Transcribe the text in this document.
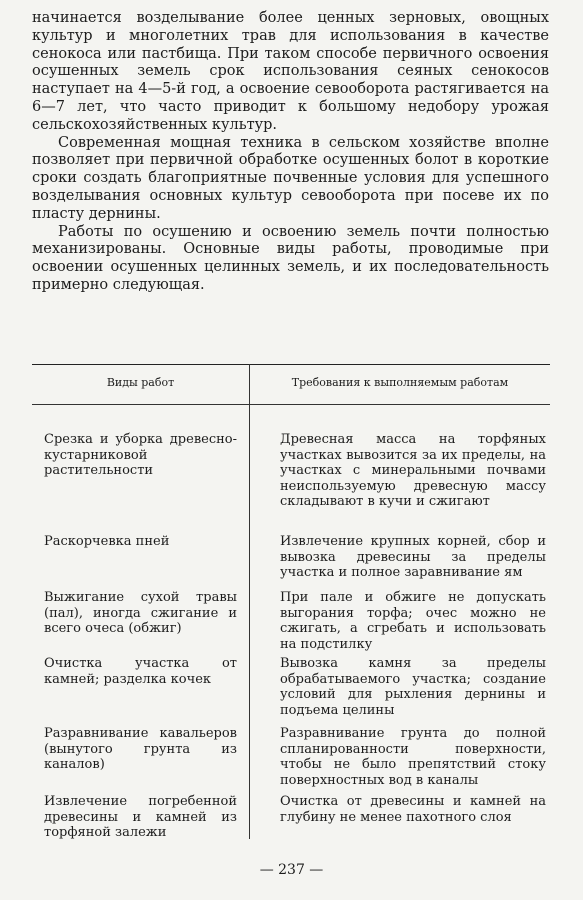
начинается возделывание более ценных зерновых, овощных культур и многолетних трав для использования в качестве сенокоса или пастбища. При таком способе первичного освоения осушенных земель срок использования сеяных сенокосов наступает на 4—5-й год, а освоение севооборота растягивается на 6—7 лет, что часто приводит к большому недобору урожая сельскохозяйственных культур.

Современная мощная техника в сельском хозяйстве вполне позволяет при первичной обработке осушенных болот в короткие сроки создать благоприятные почвенные условия для успешного возделывания основных культур севооборота при посеве их по пласту дернины.

Работы по осушению и освоению земель почти полностью механизированы. Основные виды работы, проводимые при освоении осушенных целинных земель, и их последовательность примерно следующая.

Виды работ	Требования к выполняемым работам
Срезка и уборка древесно-кустарниковой растительности
Древесная масса на торфяных участках вывозится за их пределы, на участках с минеральными почвами неиспользуемую древесную массу складывают в кучи и сжигают
Раскорчевка пней	Извлечение крупных корней, сбор и вывозка древесины за пределы участка и полное заравнивание ям
Выжигание сухой травы (пал), иногда сжигание и всего очеса (обжиг)
При пале и обжиге не допускать выгорания торфа; очес можно не сжигать, а сгребать и использовать на подстилку
Очистка участка от камней; разделка кочек
Вывозка камня за пределы обрабатываемого участка; создание условий для рыхления дернины и подъема целины
Разравнивание кавальеров (вынутого грунта из каналов)
Разравнивание грунта до полной спланированности поверхности, чтобы не было препятствий стоку поверхностных вод в каналы
Извлечение погребенной древесины и камней из торфяной залежи
Очистка от древесины и камней на глубину не менее пахотного слоя
— 237 —
